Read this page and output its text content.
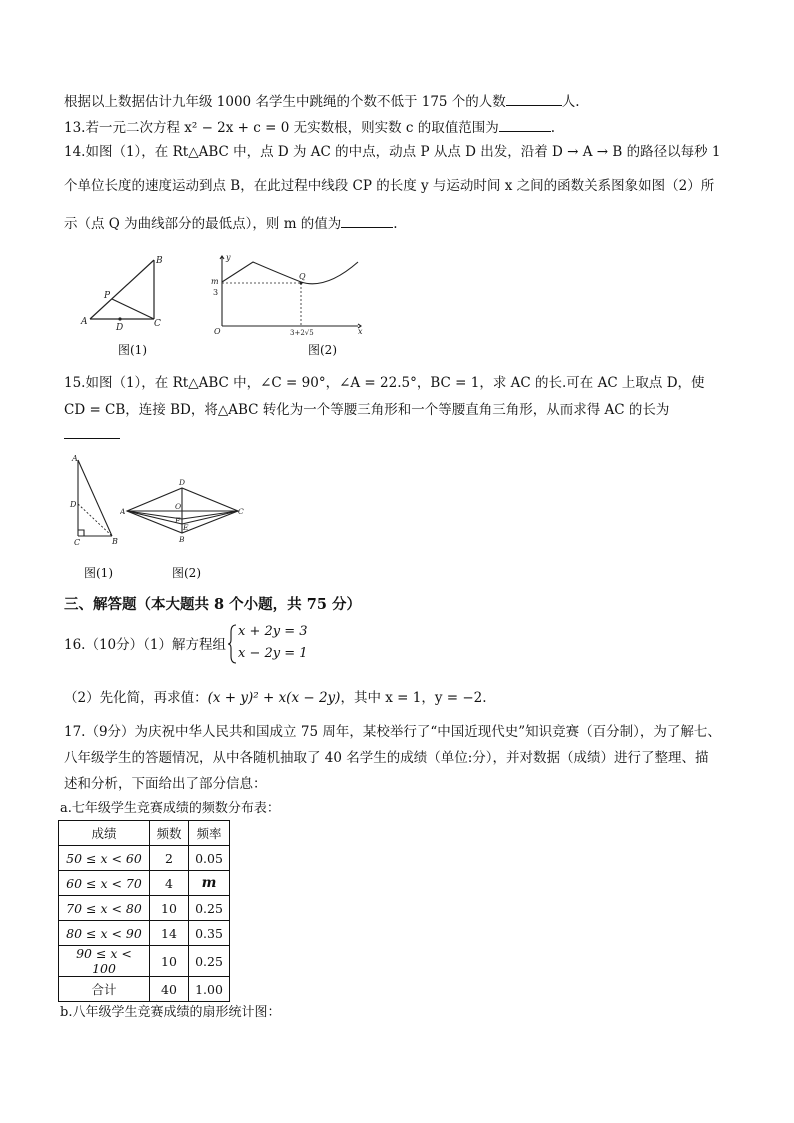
根据以上数据估计九年级 1000 名学生中跳绳的个数不低于 175 个的人数	人.
13.若一元二次方程 x² − 2x + c = 0 无实数根，则实数 c 的取值范围为	.
14.如图（1），在 Rt△ABC 中，点 D 为 AC 的中点，动点 P 从点 D 出发，沿着 D → A → B 的路径以每秒 1
个单位长度的速度运动到点 B，在此过程中线段 CP 的长度 y 与运动时间 x 之间的函数关系图象如图（2）所
示（点 Q 为曲线部分的最低点），则 m 的值为	.
B
P
A
D	C
图(1)
y
m
3
Q
O	3+2√5	x
图(2)
15.如图（1），在 Rt△ABC 中，∠C = 90°，∠A = 22.5°，BC = 1，求 AC 的长.可在 AC 上取点 D，使
CD = CB，连接 BD，将△ABC 转化为一个等腰三角形和一个等腰直角三角形，从而求得 AC 的长为
A
D
C	B
图(1)
D
A
O
C
F
E
B
图(2)
三、解答题（本大题共 8 个小题，共 75 分）
16.（10分）（1）解方程组
x + 2y = 3
x − 2y = 1
（2）先化简，再求值：(x + y)² + x(x − 2y)，其中 x = 1，y = −2.
17.（9分）为庆祝中华人民共和国成立 75 周年，某校举行了“中国近现代史”知识竞赛（百分制），为了解七、
八年级学生的答题情况，从中各随机抽取了 40 名学生的成绩（单位:分），并对数据（成绩）进行了整理、描
述和分析，下面给出了部分信息：
a.七年级学生竞赛成绩的频数分布表：
成绩	频数	频率
50 ≤ x < 60	2	0.05
60 ≤ x < 70	4	m
70 ≤ x < 80	10	0.25
80 ≤ x < 90	14	0.35
90 ≤ x < 100	10	0.25
合计	40	1.00
b.八年级学生竞赛成绩的扇形统计图：
